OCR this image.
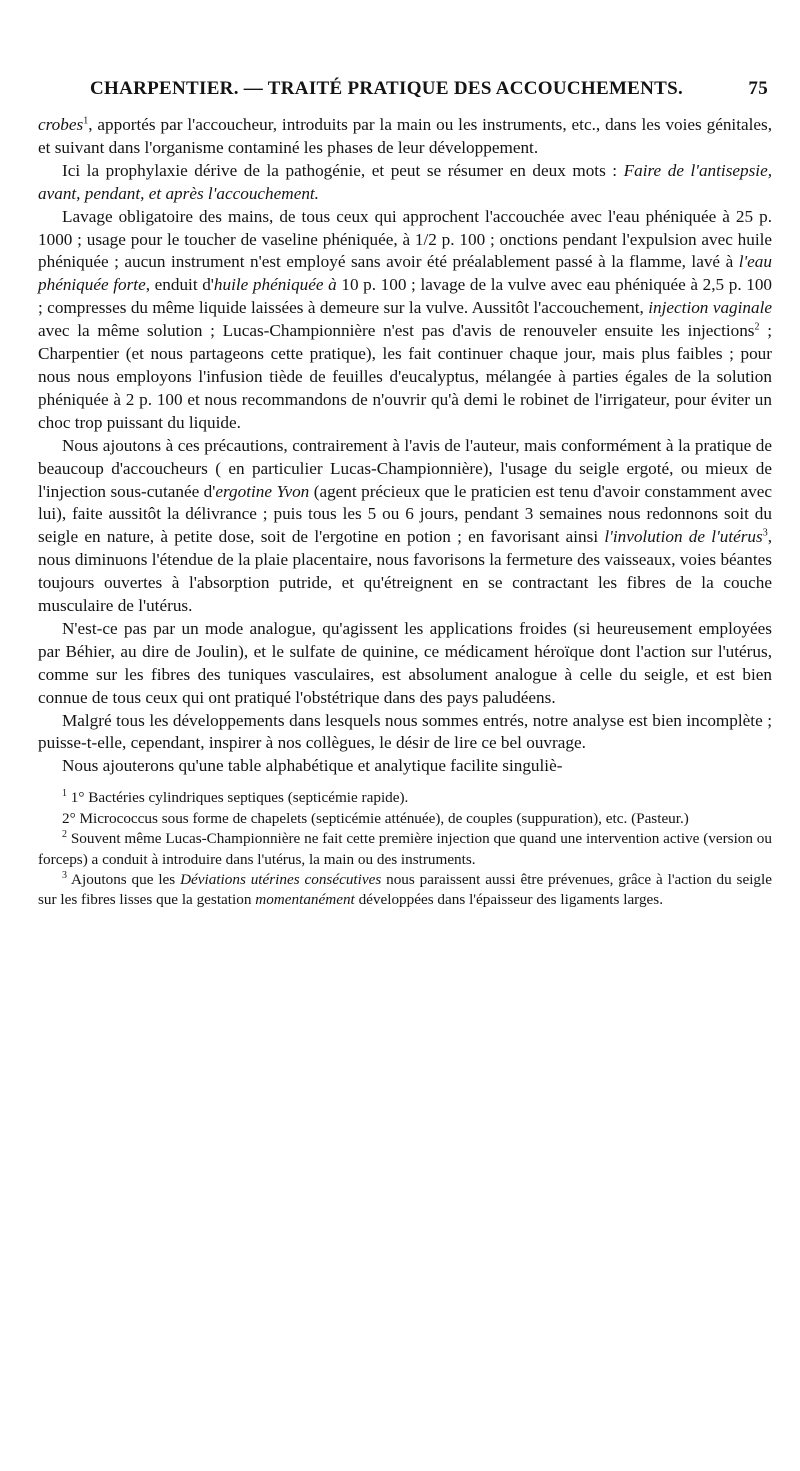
CHARPENTIER. — TRAITÉ PRATIQUE DES ACCOUCHEMENTS.	75

crobes$^1$, apportés par l'accoucheur, introduits par la main ou les instruments, etc., dans les voies génitales, et suivant dans l'organisme contaminé les phases de leur développement.

Ici la prophylaxie dérive de la pathogénie, et peut se résumer en deux mots : Faire de l'antisepsie, avant, pendant, et après l'accouchement.

Lavage obligatoire des mains, de tous ceux qui approchent l'accouchée avec l'eau phéniquée à 25 p. 1000 ; usage pour le toucher de vaseline phéniquée, à 1/2 p. 100 ; onctions pendant l'expulsion avec huile phéniquée ; aucun instrument n'est employé sans avoir été préalablement passé à la flamme, lavé à l'eau phéniquée forte, enduit d'huile phéniquée à 10 p. 100 ; lavage de la vulve avec eau phéniquée à 2,5 p. 100 ; compresses du même liquide laissées à demeure sur la vulve. Aussitôt l'accouchement, injection vaginale avec la même solution ; Lucas-Championnière n'est pas d'avis de renouveler ensuite les injections$^2$ ; Charpentier (et nous partageons cette pratique), les fait continuer chaque jour, mais plus faibles ; pour nous nous employons l'infusion tiède de feuilles d'eucalyptus, mélangée à parties égales de la solution phéniquée à 2 p. 100 et nous recommandons de n'ouvrir qu'à demi le robinet de l'irrigateur, pour éviter un choc trop puissant du liquide.

Nous ajoutons à ces précautions, contrairement à l'avis de l'auteur, mais conformément à la pratique de beaucoup d'accoucheurs ( en particulier Lucas-Championnière), l'usage du seigle ergoté, ou mieux de l'injection sous-cutanée d'ergotine Yvon (agent précieux que le praticien est tenu d'avoir constamment avec lui), faite aussitôt la délivrance ; puis tous les 5 ou 6 jours, pendant 3 semaines nous redonnons soit du seigle en nature, à petite dose, soit de l'ergotine en potion ; en favorisant ainsi l'involution de l'utérus$^3$, nous diminuons l'étendue de la plaie placentaire, nous favorisons la fermeture des vaisseaux, voies béantes toujours ouvertes à l'absorption putride, et qu'étreignent en se contractant les fibres de la couche musculaire de l'utérus.

N'est-ce pas par un mode analogue, qu'agissent les applications froides (si heureusement employées par Béhier, au dire de Joulin), et le sulfate de quinine, ce médicament héroïque dont l'action sur l'utérus, comme sur les fibres des tuniques vasculaires, est absolument analogue à celle du seigle, et est bien connue de tous ceux qui ont pratiqué l'obstétrique dans des pays paludéens.

Malgré tous les développements dans lesquels nous sommes entrés, notre analyse est bien incomplète ; puisse-t-elle, cependant, inspirer à nos collègues, le désir de lire ce bel ouvrage.

Nous ajouterons qu'une table alphabétique et analytique facilite singuliè-

$^1$ 1° Bactéries cylindriques septiques (septicémie rapide).

2° Micrococcus sous forme de chapelets (septicémie atténuée), de couples (suppuration), etc. (Pasteur.)

$^2$ Souvent même Lucas-Championnière ne fait cette première injection que quand une intervention active (version ou forceps) a conduit à introduire dans l'utérus, la main ou des instruments.

$^3$ Ajoutons que les Déviations utérines consécutives nous paraissent aussi être prévenues, grâce à l'action du seigle sur les fibres lisses que la gestation momentanément développées dans l'épaisseur des ligaments larges.
